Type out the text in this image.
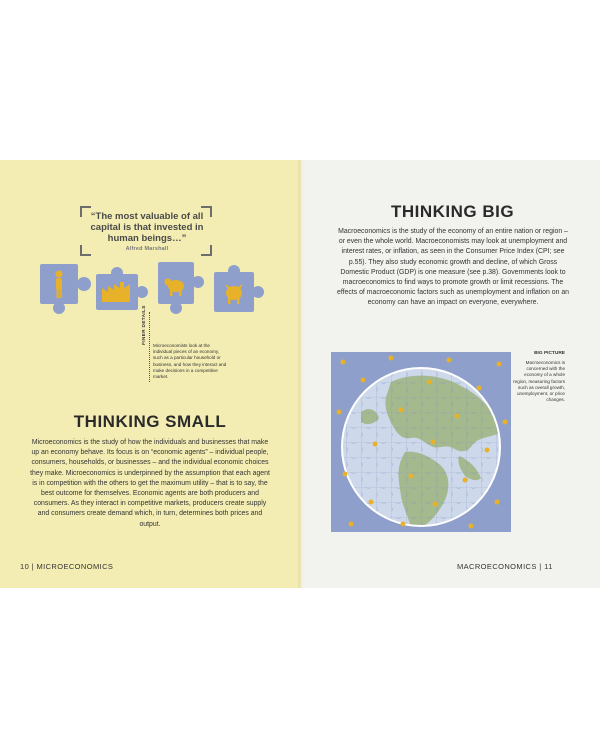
“The most valuable of all capital is that invested in human beings…”
Alfred Marshall
FINER DETAILS
Microeconomists look at the individual pieces of an economy, such as a particular household or business, and how they interact and make decisions in a competitive market.
THINKING SMALL

Microeconomics is the study of how the individuals and businesses that make up an economy behave. Its focus is on “economic agents” – individual people, consumers, households, or businesses – and the individual economic choices they make. Microeconomics is underpinned by the assumption that each agent is in competition with the others to get the maximum utility – that is to say, the best outcome for themselves. Economic agents are both producers and consumers. As they interact in competitive markets, producers create supply and consumers create demand which, in turn, determines both prices and output.

10 | MICROECONOMICS
THINKING BIG

Macroeconomics is the study of the economy of an entire nation or region – or even the whole world. Macroeconomists may look at unemployment and interest rates, or inflation, as seen in the Consumer Price Index (CPI; see p.55). They also study economic growth and decline, of which Gross Domestic Product (GDP) is one measure (see p.38). Governments look to macroeconomics to find ways to promote growth or limit recessions. The effects of macroeconomic factors such as unemployment and inflation on an economy can have an impact on everyone, everywhere.

BIG PICTURE
Macroeconomics is concerned with the economy of a whole region, measuring factors such as overall growth, unemployment, or price changes.
MACROECONOMICS | 11
